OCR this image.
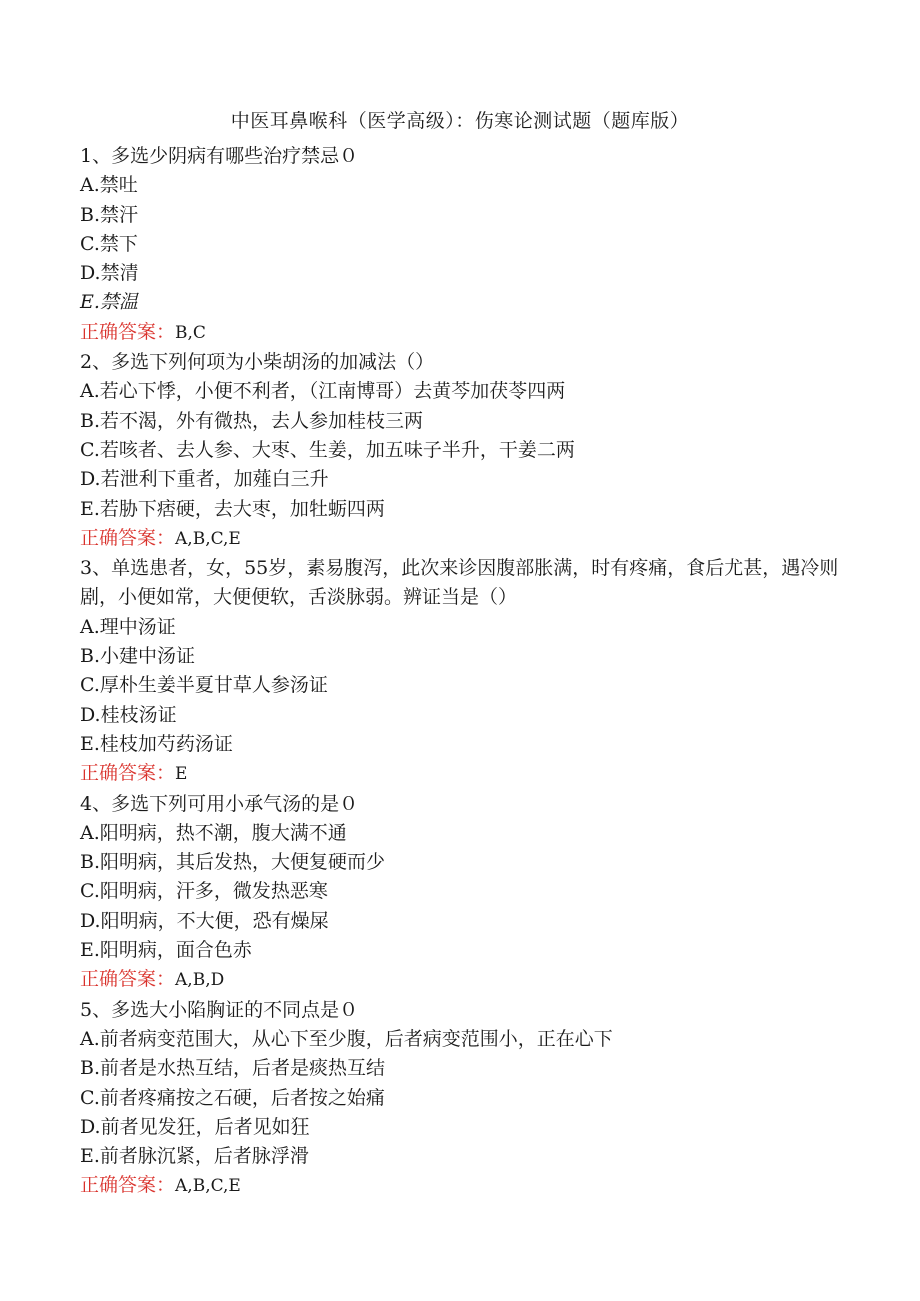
中医耳鼻喉科（医学高级）：伤寒论测试题（题库版）

1、多选少阴病有哪些治疗禁忌０

A.禁吐

B.禁汗

C.禁下

D.禁清

E.禁温

正确答案：B,C

2、多选下列何项为小柴胡汤的加减法（）

A.若心下悸，小便不利者，（江南博哥）去黄芩加茯苓四两

B.若不渴，外有微热，去人参加桂枝三两

C.若咳者、去人参、大枣、生姜，加五味子半升，干姜二两

D.若泄利下重者，加薤白三升

E.若胁下痞硬，去大枣，加牡蛎四两

正确答案：A,B,C,E

3、单选患者，女，55岁，素易腹泻，此次来诊因腹部胀满，时有疼痛，食后尤甚，遇冷则剧，小便如常，大便便软，舌淡脉弱。辨证当是（）

A.理中汤证

B.小建中汤证

C.厚朴生姜半夏甘草人参汤证

D.桂枝汤证

E.桂枝加芍药汤证

正确答案：E

4、多选下列可用小承气汤的是０

A.阳明病，热不潮，腹大满不通

B.阳明病，其后发热，大便复硬而少

C.阳明病，汗多，微发热恶寒

D.阳明病，不大便，恐有燥屎

E.阳明病，面合色赤

正确答案：A,B,D

5、多选大小陷胸证的不同点是０

A.前者病变范围大，从心下至少腹，后者病变范围小，正在心下

B.前者是水热互结，后者是痰热互结

C.前者疼痛按之石硬，后者按之始痛

D.前者见发狂，后者见如狂

E.前者脉沉紧，后者脉浮滑

正确答案：A,B,C,E
